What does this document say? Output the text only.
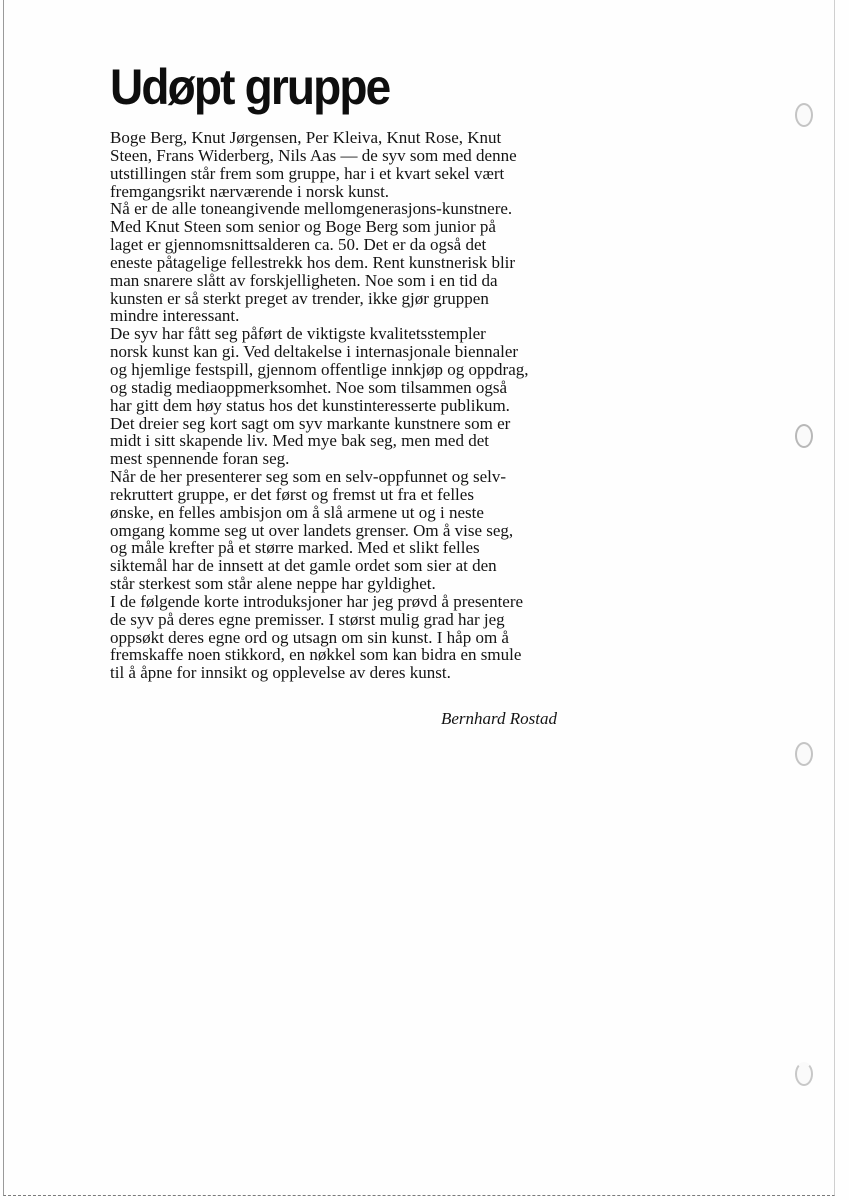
Udøpt gruppe
Boge Berg, Knut Jørgensen, Per Kleiva, Knut Rose, Knut
Steen, Frans Widerberg, Nils Aas — de syv som med denne
utstillingen står frem som gruppe, har i et kvart sekel vært
fremgangsrikt nærværende i norsk kunst.
Nå er de alle toneangivende mellomgenerasjons-kunstnere.
Med Knut Steen som senior og Boge Berg som junior på
laget er gjennomsnittsalderen ca. 50. Det er da også det
eneste påtagelige fellestrekk hos dem. Rent kunstnerisk blir
man snarere slått av forskjelligheten. Noe som i en tid da
kunsten er så sterkt preget av trender, ikke gjør gruppen
mindre interessant.
De syv har fått seg påført de viktigste kvalitetsstempler
norsk kunst kan gi. Ved deltakelse i internasjonale biennaler
og hjemlige festspill, gjennom offentlige innkjøp og oppdrag,
og stadig mediaoppmerksomhet. Noe som tilsammen også
har gitt dem høy status hos det kunstinteresserte publikum.
Det dreier seg kort sagt om syv markante kunstnere som er
midt i sitt skapende liv. Med mye bak seg, men med det
mest spennende foran seg.
Når de her presenterer seg som en selv-oppfunnet og selv-
rekruttert gruppe, er det først og fremst ut fra et felles
ønske, en felles ambisjon om å slå armene ut og i neste
omgang komme seg ut over landets grenser. Om å vise seg,
og måle krefter på et større marked. Med et slikt felles
siktemål har de innsett at det gamle ordet som sier at den
står sterkest som står alene neppe har gyldighet.
I de følgende korte introduksjoner har jeg prøvd å presentere
de syv på deres egne premisser. I størst mulig grad har jeg
oppsøkt deres egne ord og utsagn om sin kunst. I håp om å
fremskaffe noen stikkord, en nøkkel som kan bidra en smule
til å åpne for innsikt og opplevelse av deres kunst.
Bernhard Rostad
